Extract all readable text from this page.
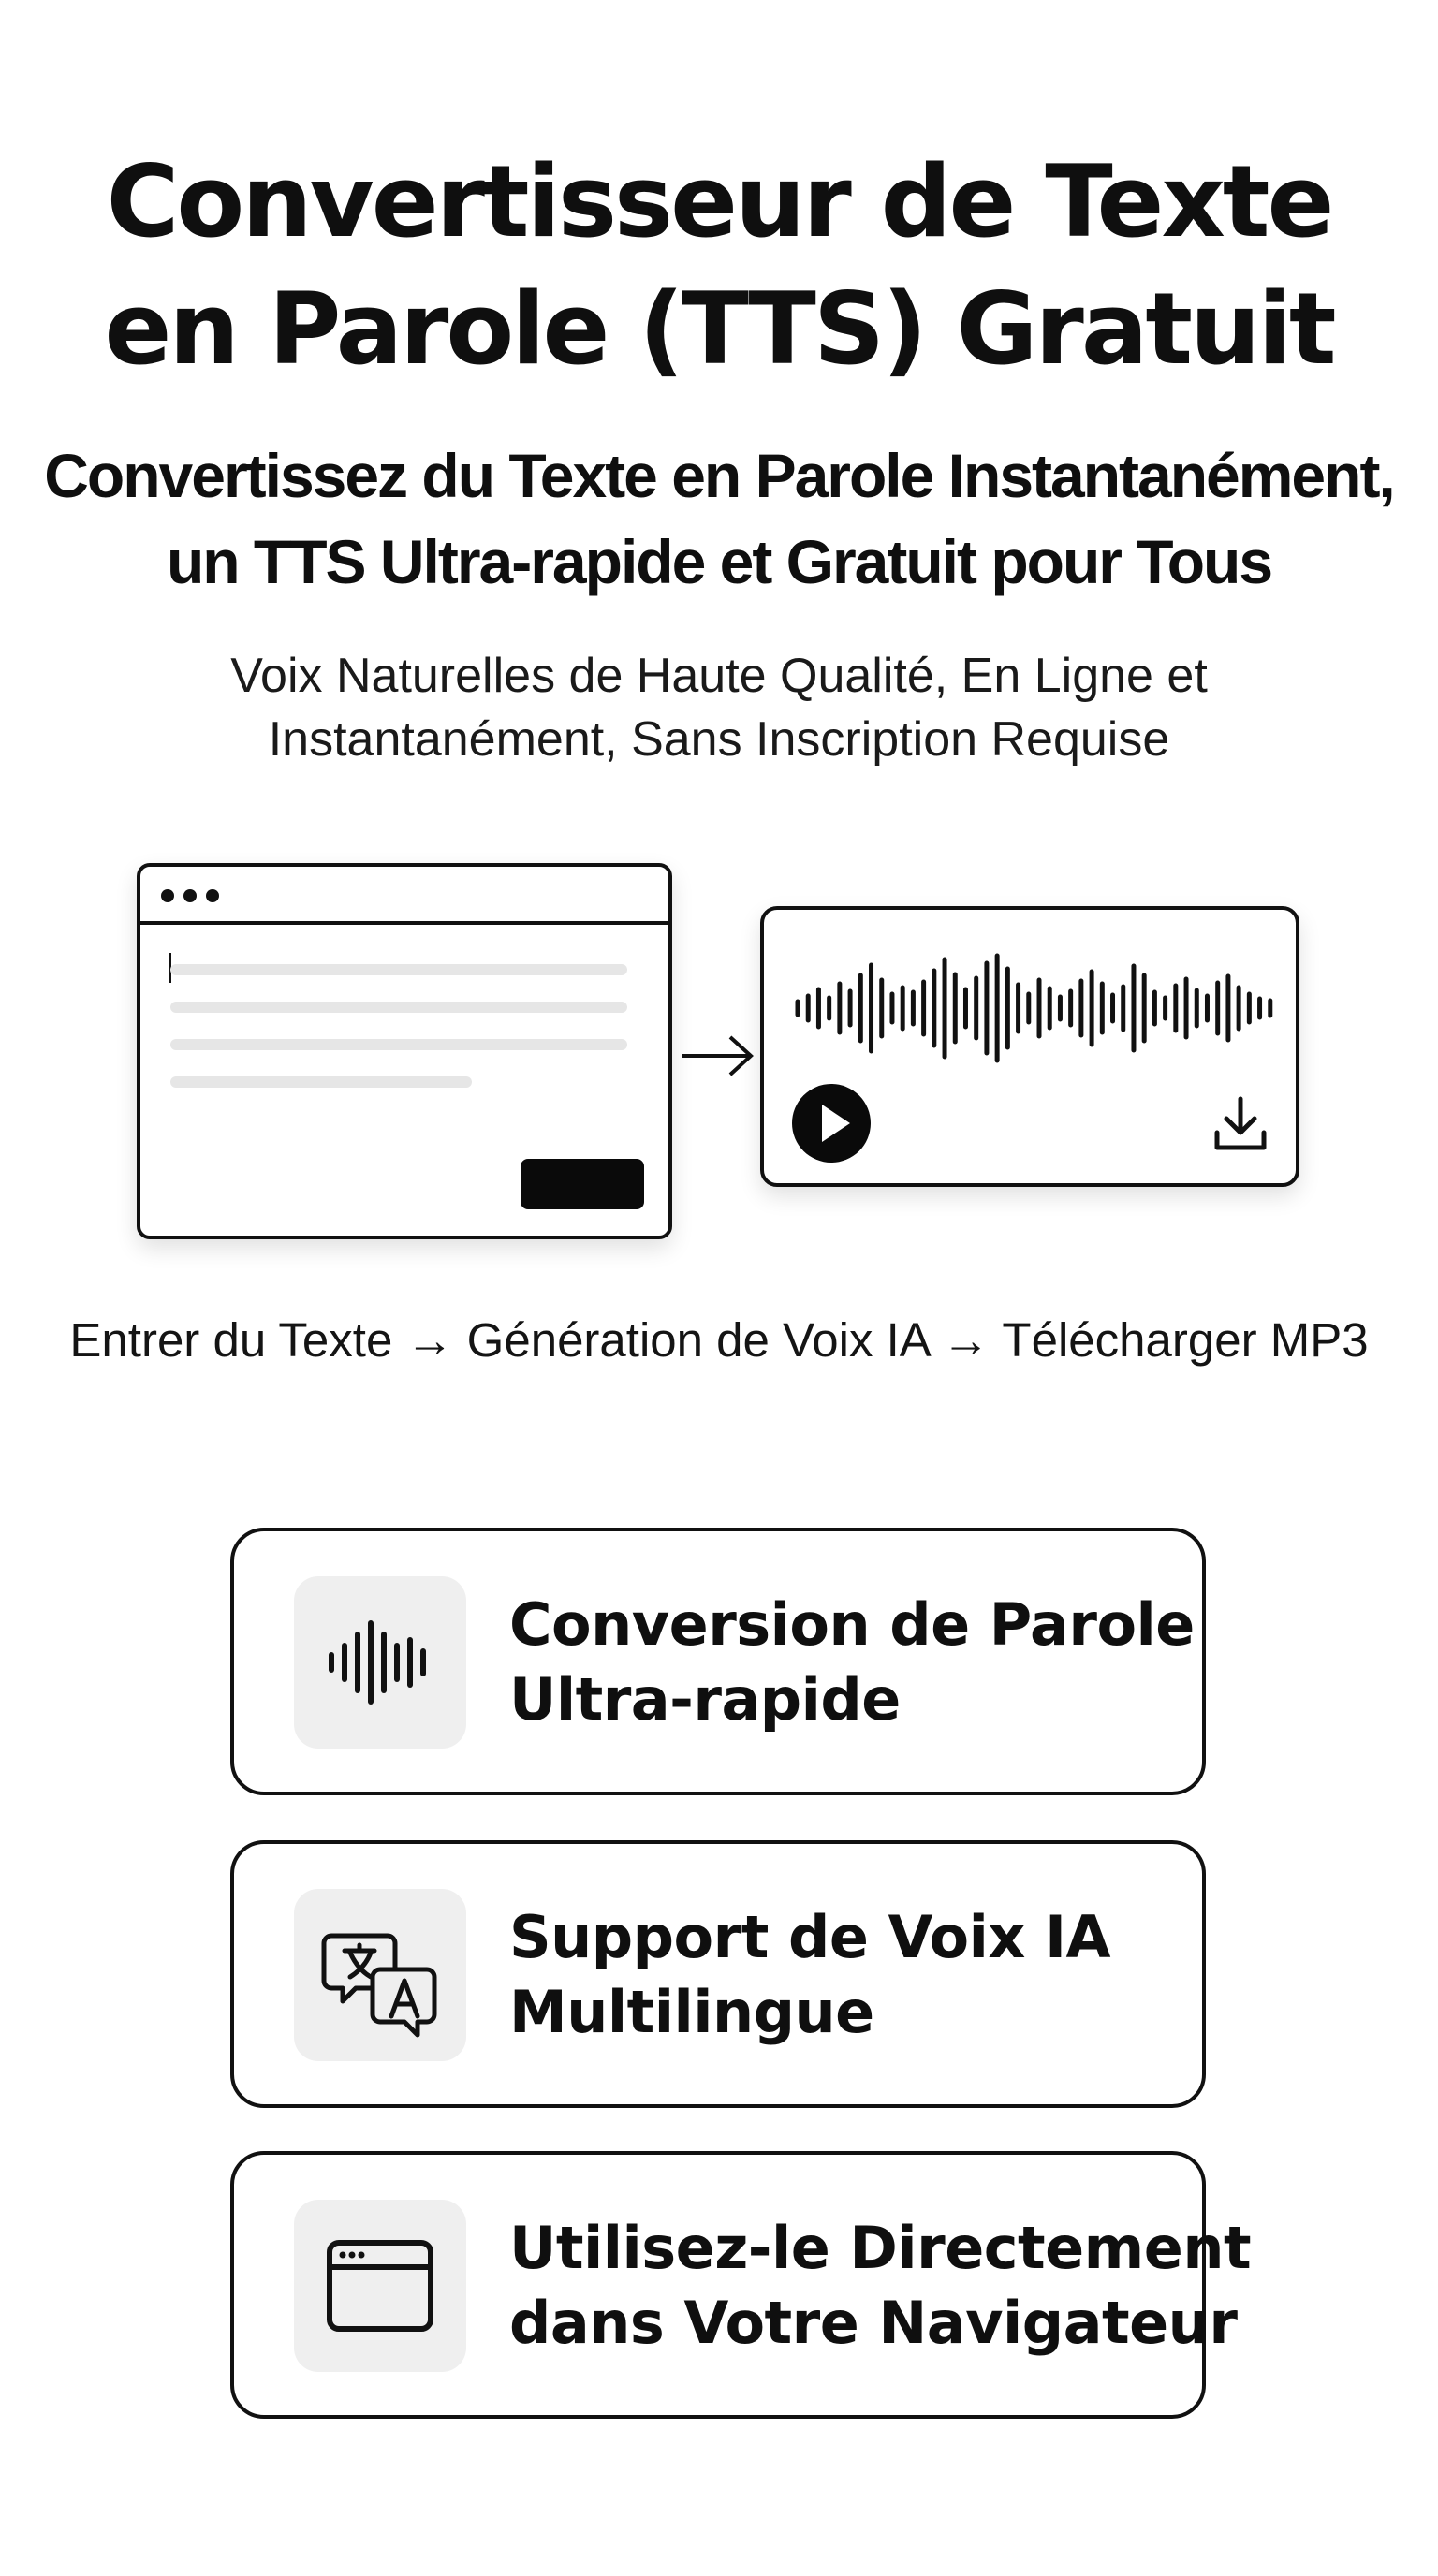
Convertisseur de Texte
en Parole (TTS) Gratuit
Convertissez du Texte en Parole Instantanément,
un TTS Ultra-rapide et Gratuit pour Tous
Voix Naturelles de Haute Qualité, En Ligne et
Instantanément, Sans Inscription Requise
Entrer du Texte → Génération de Voix IA → Télécharger MP3
Conversion de Parole
Ultra-rapide
Support de Voix IA
Multilingue
Utilisez-le Directement
dans Votre Navigateur
